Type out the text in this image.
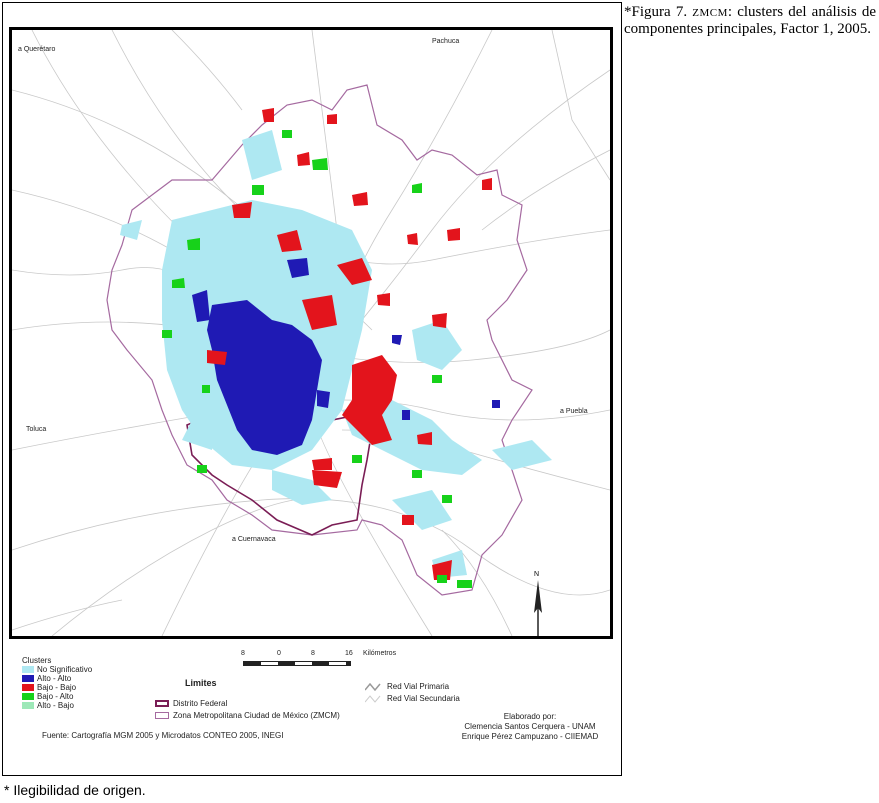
a Querétaro
Pachuca
a Puebla
Toluca
a Cuernavaca
N
*Figura 7. ZMCM: clusters del análisis de componentes principales, Factor 1, 2005.
Clusters
No Significativo
Alto - Alto
Bajo - Bajo
Bajo - Alto
Alto - Bajo
Limites
Distrito Federal
Zona Metropolitana Ciudad de México (ZMCM)
8	0	8	16 Kilómetros
Red Vial Primaria
Red Vial Secundaria
Elaborado por:
Clemencia Santos Cerquera - UNAM
Enrique Pérez Campuzano - CIIEMAD
Fuente: Cartografía MGM 2005 y Microdatos CONTEO 2005, INEGI
* Ilegibilidad de origen.
